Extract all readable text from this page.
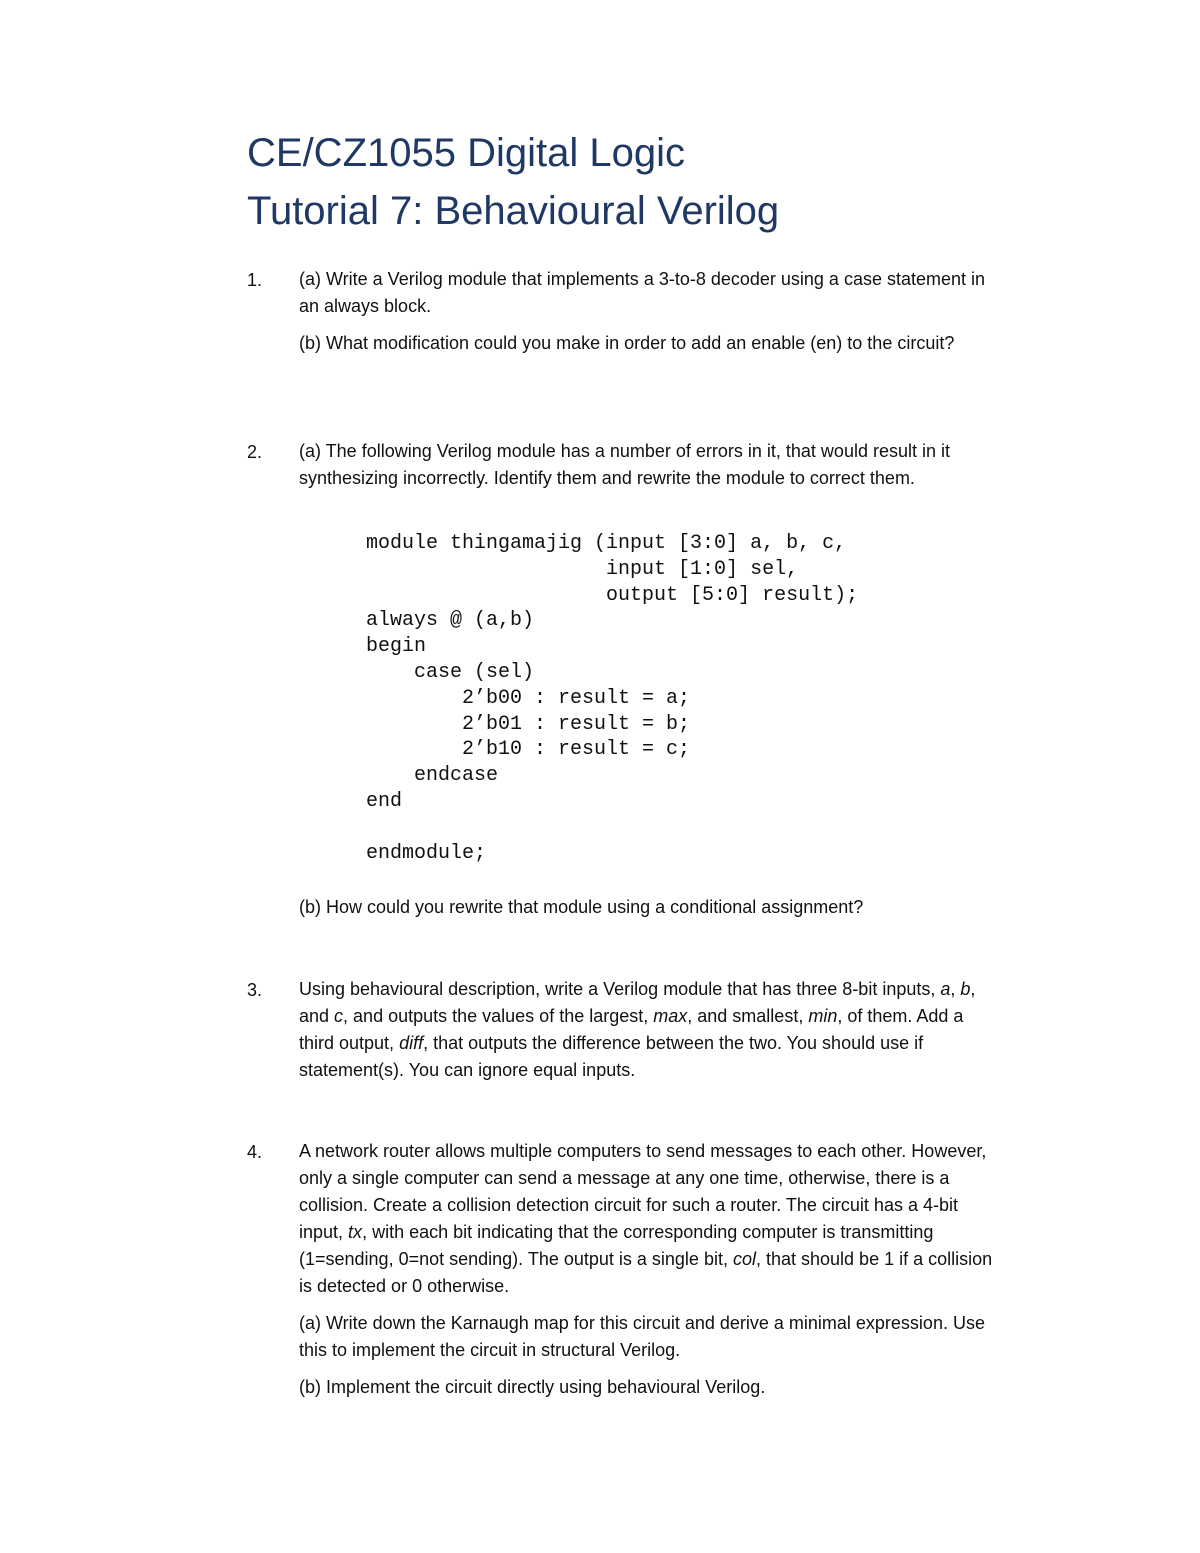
CE/CZ1055 Digital Logic
Tutorial 7: Behavioural Verilog
1. (a) Write a Verilog module that implements a 3-to-8 decoder using a case statement in an always block.

(b) What modification could you make in order to add an enable (en) to the circuit?

2. (a) The following Verilog module has a number of errors in it, that would result in it synthesizing incorrectly. Identify them and rewrite the module to correct them.
module thingamajig (input [3:0] a, b, c,
input [1:0] sel,
output [5:0] result);
always @ (a,b)
begin
case (sel)
2’b00 : result = a;
2’b01 : result = b;
2’b10 : result = c;
endcase
end

endmodule;
(b) How could you rewrite that module using a conditional assignment?
3. Using behavioural description, write a Verilog module that has three 8-bit inputs, a, b, and c, and outputs the values of the largest, max, and smallest, min, of them. Add a third output, diff, that outputs the difference between the two. You should use if statement(s). You can ignore equal inputs.
4. A network router allows multiple computers to send messages to each other. However, only a single computer can send a message at any one time, otherwise, there is a collision. Create a collision detection circuit for such a router. The circuit has a 4-bit input, tx, with each bit indicating that the corresponding computer is transmitting (1=sending, 0=not sending). The output is a single bit, col, that should be 1 if a collision is detected or 0 otherwise.

(a) Write down the Karnaugh map for this circuit and derive a minimal expression. Use this to implement the circuit in structural Verilog.

(b) Implement the circuit directly using behavioural Verilog.
